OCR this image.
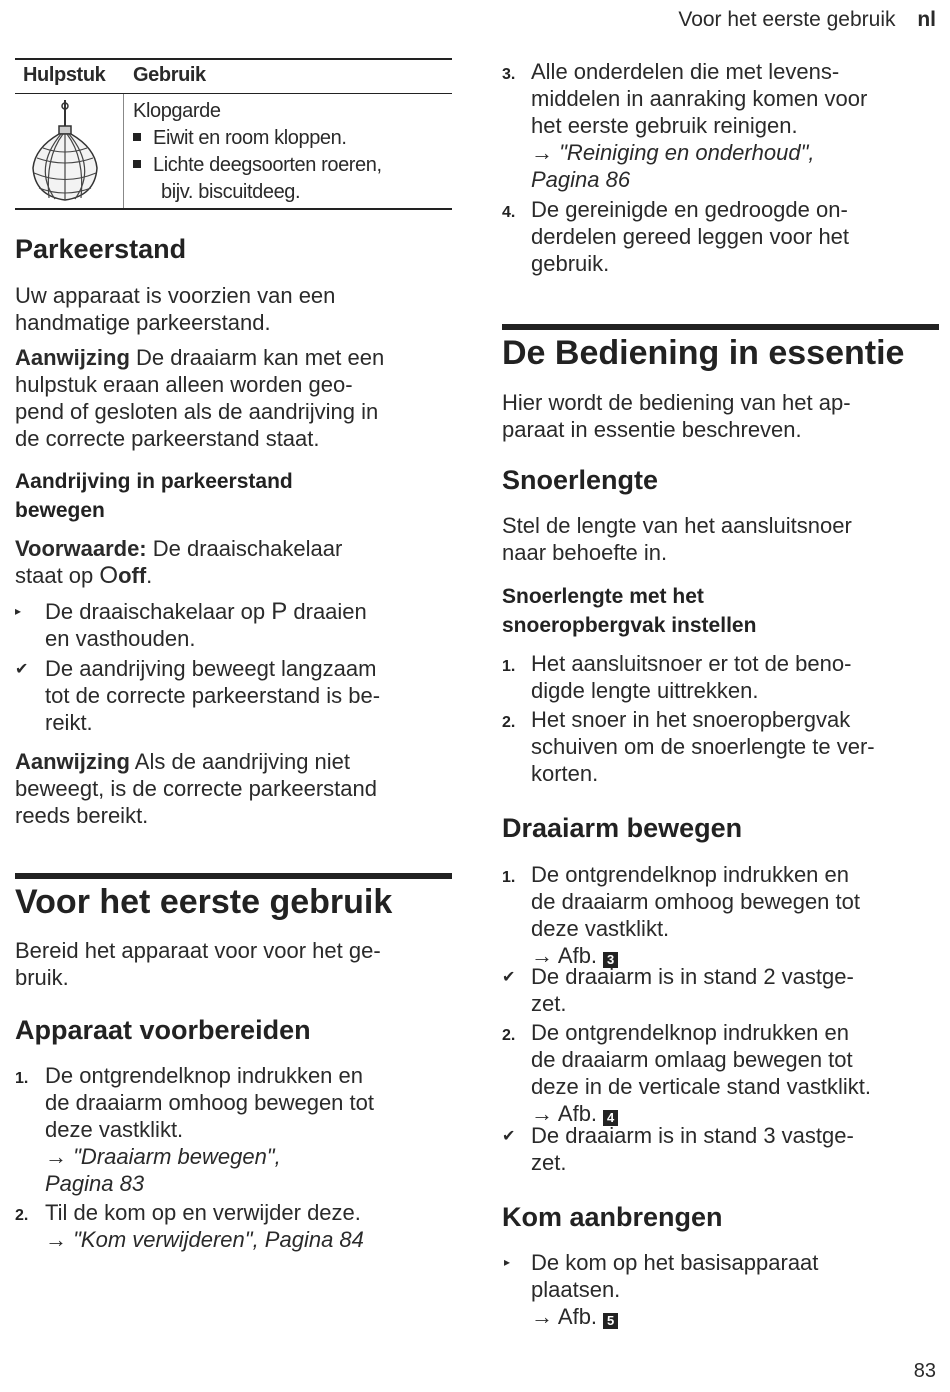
Voor het eerste gebruik nl
Hulpstuk Gebruik
Klopgarde
Eiwit en room kloppen.
Lichte deegsoorten roeren,
bijv. biscuitdeeg.
Parkeerstand
Uw apparaat is voorzien van een
handmatige parkeerstand.
Aanwijzing De draaiarm kan met een
hulpstuk eraan alleen worden geo-
pend of gesloten als de aandrijving in
de correcte parkeerstand staat.
Aandrijving in parkeerstand
bewegen
Voorwaarde: De draaischakelaar
staat op Ooff.
▸ De draaischakelaar op P draaien
en vasthouden.
✔ De aandrijving beweegt langzaam
tot de correcte parkeerstand is be-
reikt.
Aanwijzing Als de aandrijving niet
beweegt, is de correcte parkeerstand
reeds bereikt.
Voor het eerste gebruik
Bereid het apparaat voor voor het ge-
bruik.
Apparaat voorbereiden
1. De ontgrendelknop indrukken en
de draaiarm omhoog bewegen tot
deze vastklikt.
→ "Draaiarm bewegen",
Pagina 83
2. Til de kom op en verwijder deze.
→ "Kom verwijderen", Pagina 84
3. Alle onderdelen die met levens-
middelen in aanraking komen voor
het eerste gebruik reinigen.
→ "Reiniging en onderhoud",
Pagina 86
4. De gereinigde en gedroogde on-
derdelen gereed leggen voor het
gebruik.
De Bediening in essentie
Hier wordt de bediening van het ap-
paraat in essentie beschreven.
Snoerlengte
Stel de lengte van het aansluitsnoer
naar behoefte in.
Snoerlengte met het
snoeropbergvak instellen
1. Het aansluitsnoer er tot de beno-
digde lengte uittrekken.
2. Het snoer in het snoeropbergvak
schuiven om de snoerlengte te ver-
korten.
Draaiarm bewegen
1. De ontgrendelknop indrukken en
de draaiarm omhoog bewegen tot
deze vastklikt.
→ Afb. 3
✔ De draaiarm is in stand 2 vastge-
zet.
2. De ontgrendelknop indrukken en
de draaiarm omlaag bewegen tot
deze in de verticale stand vastklikt.
→ Afb. 4
✔ De draaiarm is in stand 3 vastge-
zet.
Kom aanbrengen
▸ De kom op het basisapparaat
plaatsen.
→ Afb. 5
83
